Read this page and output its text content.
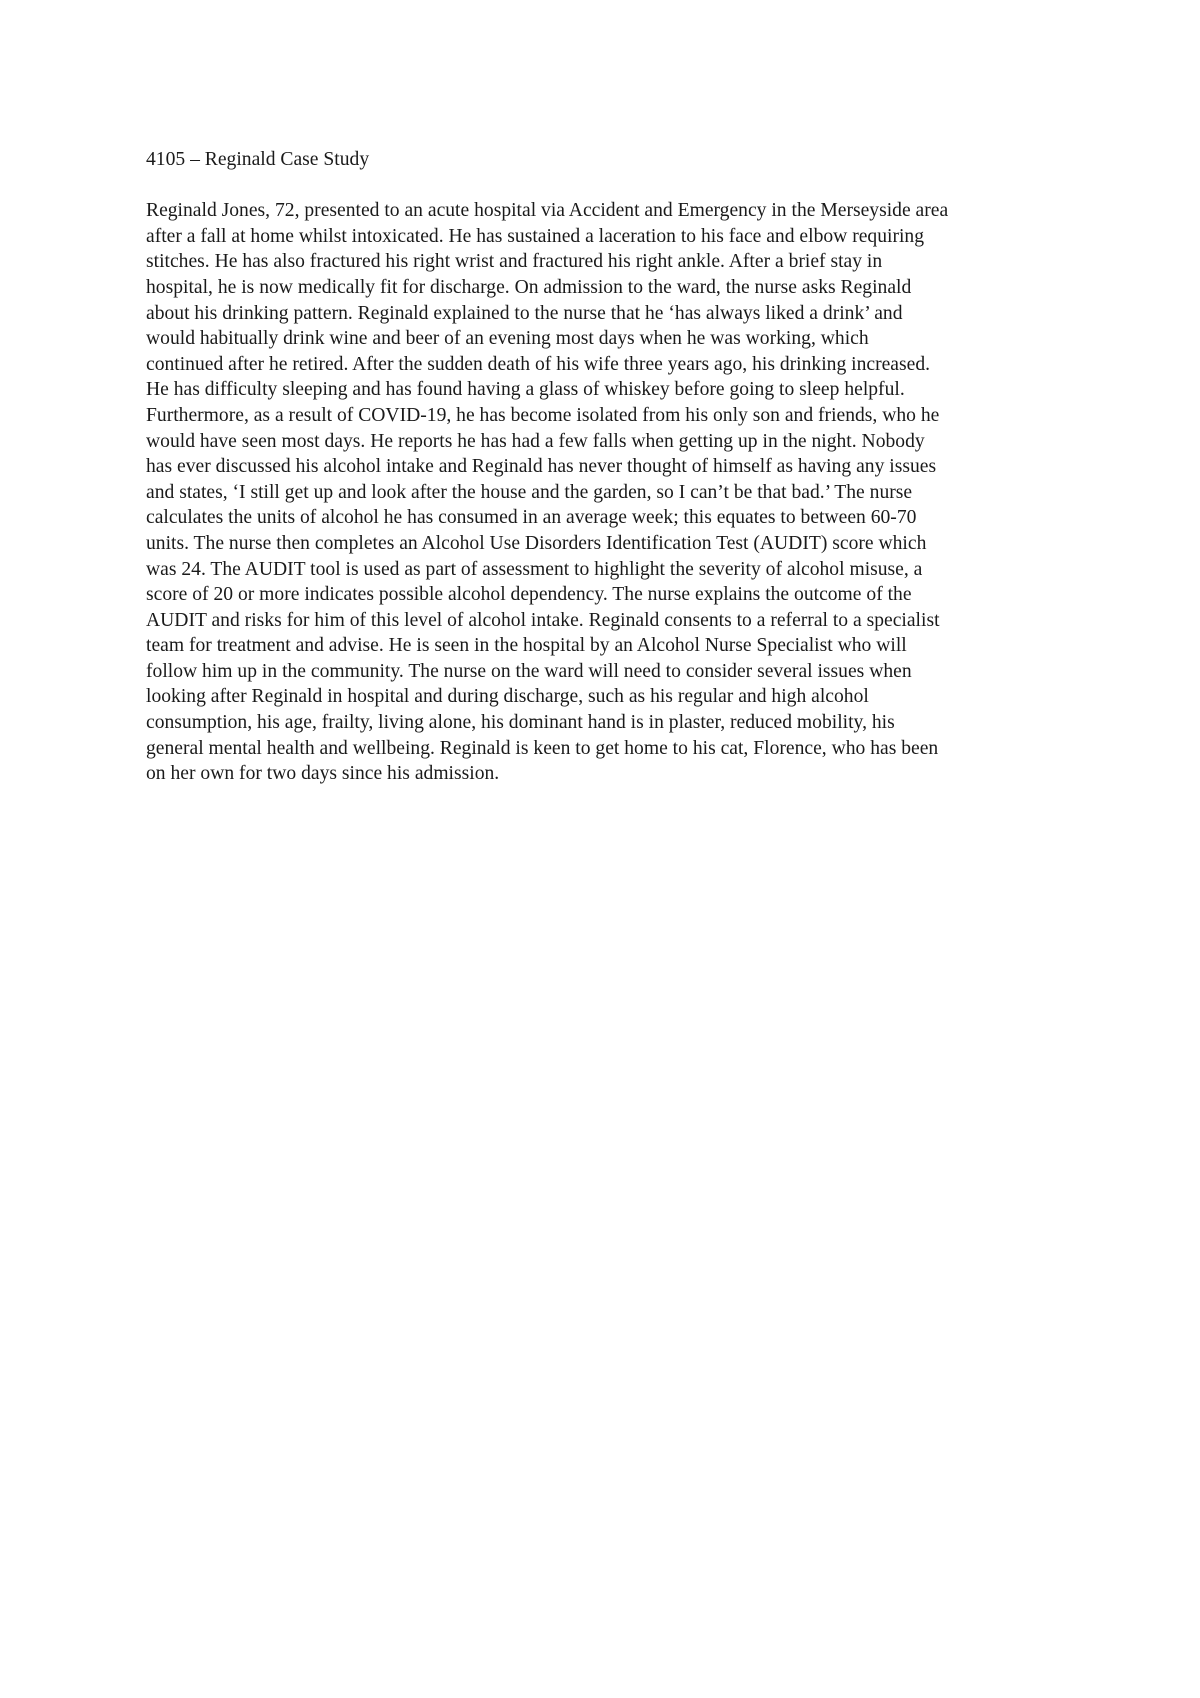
4105 – Reginald Case Study

Reginald Jones, 72, presented to an acute hospital via Accident and Emergency in the Merseyside area
after a fall at home whilst intoxicated. He has sustained a laceration to his face and elbow requiring
stitches. He has also fractured his right wrist and fractured his right ankle. After a brief stay in
hospital, he is now medically fit for discharge. On admission to the ward, the nurse asks Reginald
about his drinking pattern. Reginald explained to the nurse that he ‘has always liked a drink’ and
would habitually drink wine and beer of an evening most days when he was working, which
continued after he retired. After the sudden death of his wife three years ago, his drinking increased.
He has difficulty sleeping and has found having a glass of whiskey before going to sleep helpful.
Furthermore, as a result of COVID-19, he has become isolated from his only son and friends, who he
would have seen most days. He reports he has had a few falls when getting up in the night. Nobody
has ever discussed his alcohol intake and Reginald has never thought of himself as having any issues
and states, ‘I still get up and look after the house and the garden, so I can’t be that bad.’ The nurse
calculates the units of alcohol he has consumed in an average week; this equates to between 60-70
units. The nurse then completes an Alcohol Use Disorders Identification Test (AUDIT) score which
was 24. The AUDIT tool is used as part of assessment to highlight the severity of alcohol misuse, a
score of 20 or more indicates possible alcohol dependency. The nurse explains the outcome of the
AUDIT and risks for him of this level of alcohol intake. Reginald consents to a referral to a specialist
team for treatment and advise. He is seen in the hospital by an Alcohol Nurse Specialist who will
follow him up in the community. The nurse on the ward will need to consider several issues when
looking after Reginald in hospital and during discharge, such as his regular and high alcohol
consumption, his age, frailty, living alone, his dominant hand is in plaster, reduced mobility, his
general mental health and wellbeing. Reginald is keen to get home to his cat, Florence, who has been
on her own for two days since his admission.
